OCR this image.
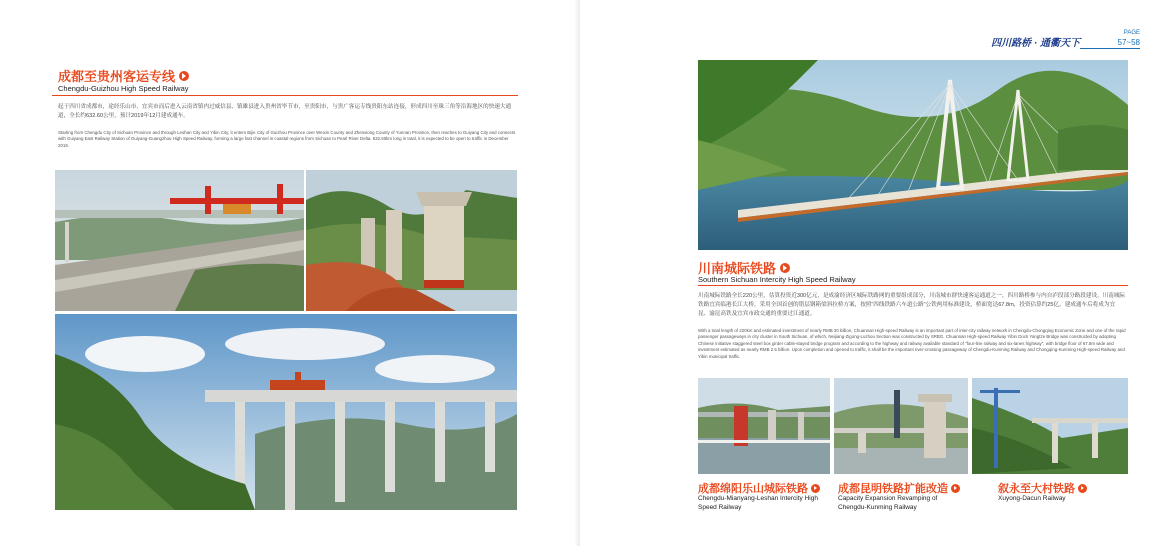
成都至贵州客运专线
Chengdu-Guizhou High Speed Railway
起于四川省成都市，途经乐山市、宜宾市而后进入云南省镇内过威信县、镇雄县进入贵州省毕节市，至贵阳市，与贵广客运专线贵阳东站连接，形成四川至珠三角等沿海地区的快速大通道，全长约632.60公里，预计2019年12月建成通车。
Starting from Chengdu City of Sichuan Province and through Leshan City and Yibin City, it enters Bijie City of Guizhou Province over Weixin County and Zhenxiong County of Yunnan Province, then reaches to Guiyang City and connects with Guiyang East Railway Station of Guiyang-Guangzhou High Speed Railway, forming a large fast channel in coastal regions from Sichuan to Pearl River Delta. 632.60km long in total, it is expected to be open to traffic in December 2019.
四川路桥 · 通衢天下
PAGE
57~58
川南城际铁路
Southern Sichuan Intercity High Speed Railway
川南城际铁路全长220公里，估算投资近300亿元，是成渝经济区城际铁路网的重要组成部分，川南城市群快速客运通道之一，四川路桥参与内自泸段部分路段建设。川南城际铁路宜宾临港长江大桥，采用全国首创的错层钢箱梁斜拉桥方案，按照“四线铁路六车道公路”公铁两用标准建设，桥面宽达67.8m，投资估算约25亿，建成通车后将成为宜昆、渝昆高铁及宜宾市政交通的重要过江通道。
With a total length of 220km and estimated investment of nearly RMB 30 billion, Chuannan High-speed Railway is an important part of inter-city railway network in Chengdu-Chongqing Economic Zone and one of the rapid passenger passageways in city cluster in South Sichuan, of which, Neijiang-Zigong-Luzhou Section was constructed by SRBG. Chuannan High-speed Railway Yibin Dock Yangtze Bridge was constructed by adopting Chinese initiative staggered steel box girder cable-stayed bridge program and according to the highway and railway available standard of "four-line railway and six-lanes highway", with bridge floor of 67.8m wide and investment estimated as nearly RMB 2.5 billion. Upon completion and opened to traffic, it shall be the important river-crossing passageway of Chengdu-Kunming Railway and Chongqing-Kunming High-speed Railway and Yibin municipal traffic.
成都绵阳乐山城际铁路
Chengdu-Mianyang-Leshan Intercity High Speed Railway
成都昆明铁路扩能改造
Capacity Expansion Revamping of Chengdu-Kunming Railway
叙永至大村铁路
Xuyong-Dacun Railway
